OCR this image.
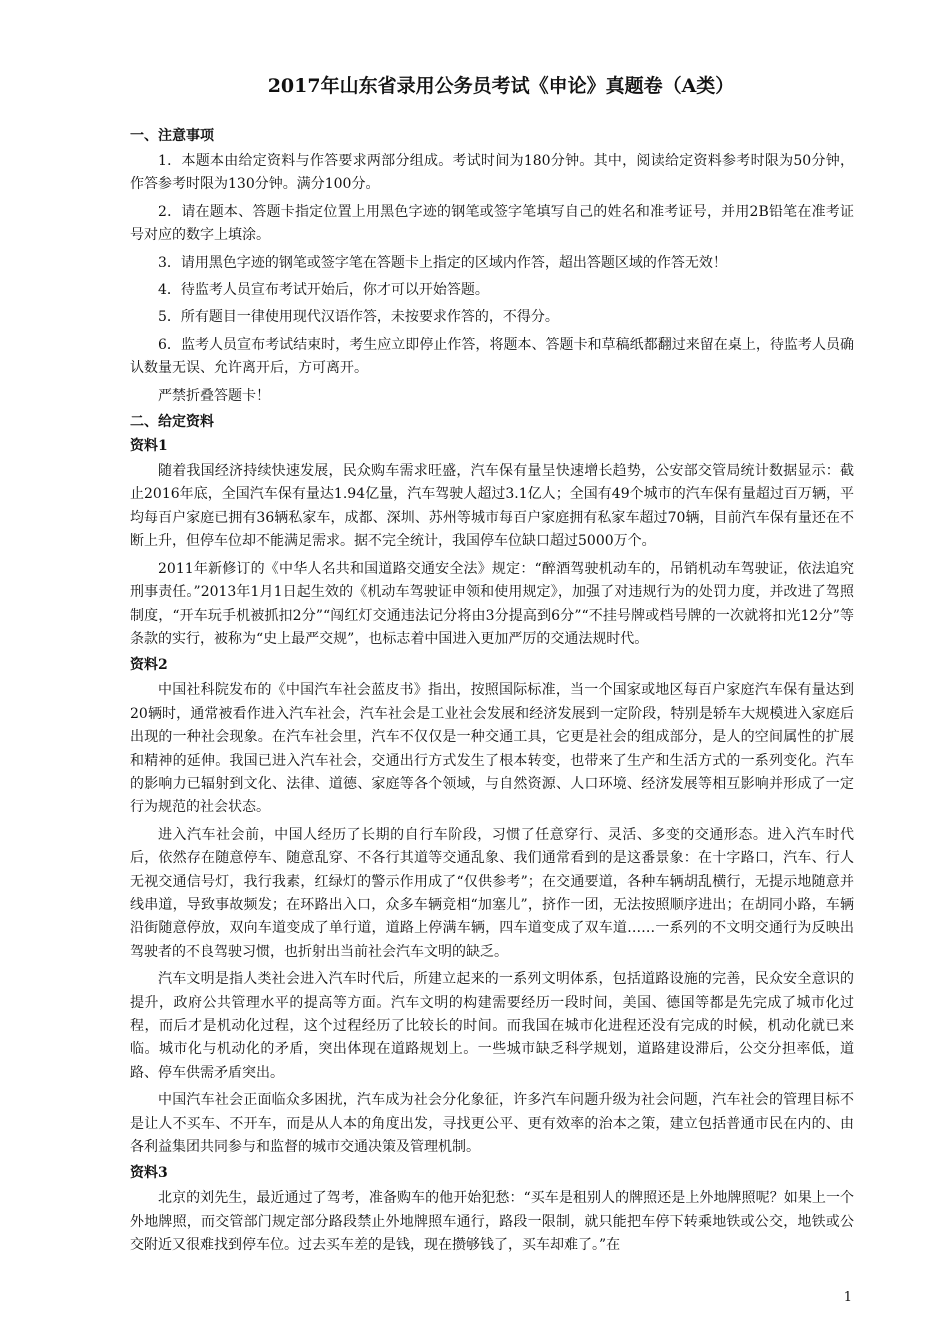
2017年山东省录用公务员考试《申论》真题卷（A类）
一、注意事项
1．本题本由给定资料与作答要求两部分组成。考试时间为180分钟。其中，阅读给定资料参考时限为50分钟，作答参考时限为130分钟。满分100分。
2．请在题本、答题卡指定位置上用黑色字迹的钢笔或签字笔填写自己的姓名和准考证号，并用2B铅笔在准考证号对应的数字上填涂。
3．请用黑色字迹的钢笔或签字笔在答题卡上指定的区域内作答，超出答题区域的作答无效！
4．待监考人员宣布考试开始后，你才可以开始答题。
5．所有题目一律使用现代汉语作答，未按要求作答的，不得分。
6．监考人员宣布考试结束时，考生应立即停止作答，将题本、答题卡和草稿纸都翻过来留在桌上，待监考人员确认数量无误、允许离开后，方可离开。
严禁折叠答题卡！
二、给定资料
资料1
随着我国经济持续快速发展，民众购车需求旺盛，汽车保有量呈快速增长趋势，公安部交管局统计数据显示：截止2016年底，全国汽车保有量达1.94亿量，汽车驾驶人超过3.1亿人；全国有49个城市的汽车保有量超过百万辆，平均每百户家庭已拥有36辆私家车，成都、深圳、苏州等城市每百户家庭拥有私家车超过70辆，目前汽车保有量还在不断上升，但停车位却不能满足需求。据不完全统计，我国停车位缺口超过5000万个。
2011年新修订的《中华人名共和国道路交通安全法》规定：“醉酒驾驶机动车的，吊销机动车驾驶证，依法追究刑事责任。”2013年1月1日起生效的《机动车驾驶证申领和使用规定》，加强了对违规行为的处罚力度，并改进了驾照制度，“开车玩手机被抓扣2分”“闯红灯交通违法记分将由3分提高到6分”“不挂号牌或档号牌的一次就将扣光12分”等条款的实行，被称为“史上最严交规”，也标志着中国进入更加严厉的交通法规时代。
资料2
中国社科院发布的《中国汽车社会蓝皮书》指出，按照国际标准，当一个国家或地区每百户家庭汽车保有量达到20辆时，通常被看作进入汽车社会，汽车社会是工业社会发展和经济发展到一定阶段，特别是轿车大规模进入家庭后出现的一种社会现象。在汽车社会里，汽车不仅仅是一种交通工具，它更是社会的组成部分，是人的空间属性的扩展和精神的延伸。我国已进入汽车社会，交通出行方式发生了根本转变，也带来了生产和生活方式的一系列变化。汽车的影响力已辐射到文化、法律、道德、家庭等各个领域，与自然资源、人口环境、经济发展等相互影响并形成了一定行为规范的社会状态。
进入汽车社会前，中国人经历了长期的自行车阶段，习惯了任意穿行、灵活、多变的交通形态。进入汽车时代后，依然存在随意停车、随意乱穿、不各行其道等交通乱象、我们通常看到的是这番景象：在十字路口，汽车、行人无视交通信号灯，我行我素，红绿灯的警示作用成了“仅供参考”；在交通要道，各种车辆胡乱横行，无提示地随意并线串道，导致事故频发；在环路出入口，众多车辆竞相“加塞儿”，挤作一团，无法按照顺序进出；在胡同小路，车辆沿街随意停放，双向车道变成了单行道，道路上停满车辆，四车道变成了双车道……一系列的不文明交通行为反映出驾驶者的不良驾驶习惯，也折射出当前社会汽车文明的缺乏。
汽车文明是指人类社会进入汽车时代后，所建立起来的一系列文明体系，包括道路设施的完善，民众安全意识的提升，政府公共管理水平的提高等方面。汽车文明的构建需要经历一段时间，美国、德国等都是先完成了城市化过程，而后才是机动化过程，这个过程经历了比较长的时间。而我国在城市化进程还没有完成的时候，机动化就已来临。城市化与机动化的矛盾，突出体现在道路规划上。一些城市缺乏科学规划，道路建设滞后，公交分担率低，道路、停车供需矛盾突出。
中国汽车社会正面临众多困扰，汽车成为社会分化象征，许多汽车问题升级为社会问题，汽车社会的管理目标不是让人不买车、不开车，而是从人本的角度出发，寻找更公平、更有效率的治本之策，建立包括普通市民在内的、由各利益集团共同参与和监督的城市交通决策及管理机制。
资料3
北京的刘先生，最近通过了驾考，准备购车的他开始犯愁：“买车是租别人的牌照还是上外地牌照呢？如果上一个外地牌照，而交管部门规定部分路段禁止外地牌照车通行，路段一限制，就只能把车停下转乘地铁或公交，地铁或公交附近又很难找到停车位。过去买车差的是钱，现在攒够钱了，买车却难了。”在
1
